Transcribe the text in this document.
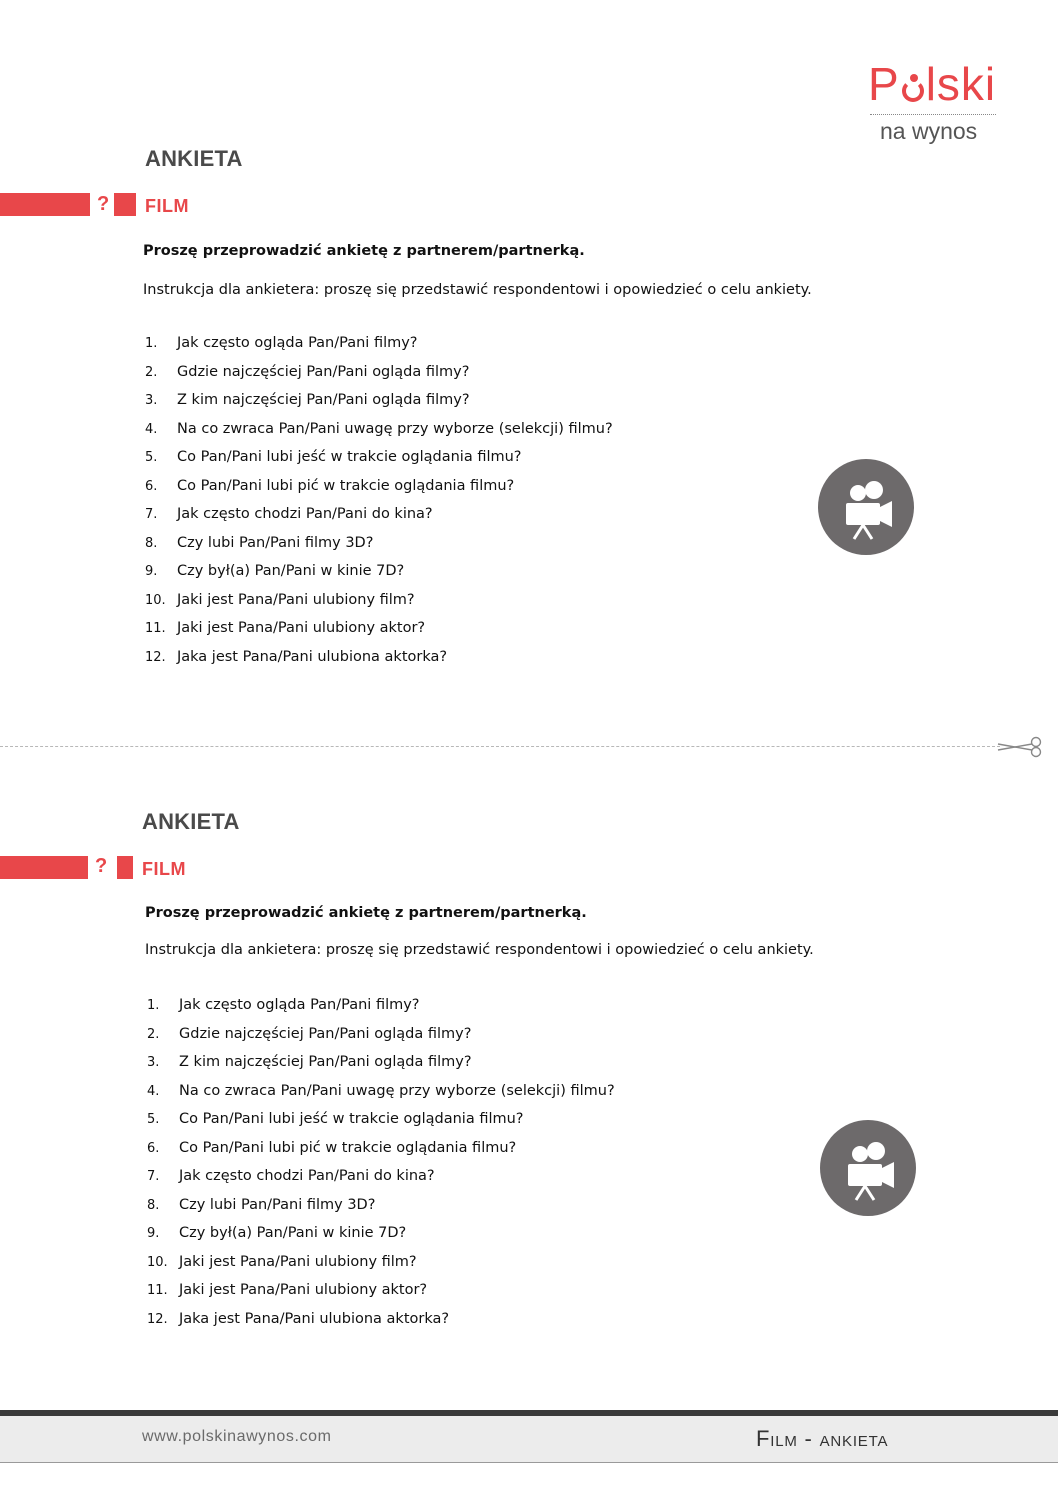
P lski
na wynos
ANKIETA
? FILM
Proszę przeprowadzić ankietę z partnerem/partnerką.
Instrukcja dla ankietera: proszę się przedstawić respondentowi i opowiedzieć o celu ankiety.
1. Jak często ogląda Pan/Pani filmy?
2. Gdzie najczęściej Pan/Pani ogląda filmy?
3. Z kim najczęściej Pan/Pani ogląda filmy?
4. Na co zwraca Pan/Pani uwagę przy wyborze (selekcji) filmu?
5. Co Pan/Pani lubi jeść w trakcie oglądania filmu?
6. Co Pan/Pani lubi pić w trakcie oglądania filmu?
7. Jak często chodzi Pan/Pani do kina?
8. Czy lubi Pan/Pani filmy 3D?
9. Czy był(a) Pan/Pani w kinie 7D?
10. Jaki jest Pana/Pani ulubiony film?
11. Jaki jest Pana/Pani ulubiony aktor?
12. Jaka jest Pana/Pani ulubiona aktorka?
ANKIETA
? FILM
Proszę przeprowadzić ankietę z partnerem/partnerką.
Instrukcja dla ankietera: proszę się przedstawić respondentowi i opowiedzieć o celu ankiety.
1. Jak często ogląda Pan/Pani filmy?
2. Gdzie najczęściej Pan/Pani ogląda filmy?
3. Z kim najczęściej Pan/Pani ogląda filmy?
4. Na co zwraca Pan/Pani uwagę przy wyborze (selekcji) filmu?
5. Co Pan/Pani lubi jeść w trakcie oglądania filmu?
6. Co Pan/Pani lubi pić w trakcie oglądania filmu?
7. Jak często chodzi Pan/Pani do kina?
8. Czy lubi Pan/Pani filmy 3D?
9. Czy był(a) Pan/Pani w kinie 7D?
10. Jaki jest Pana/Pani ulubiony film?
11. Jaki jest Pana/Pani ulubiony aktor?
12. Jaka jest Pana/Pani ulubiona aktorka?
www.polskinawynos.com	Film - ankieta
